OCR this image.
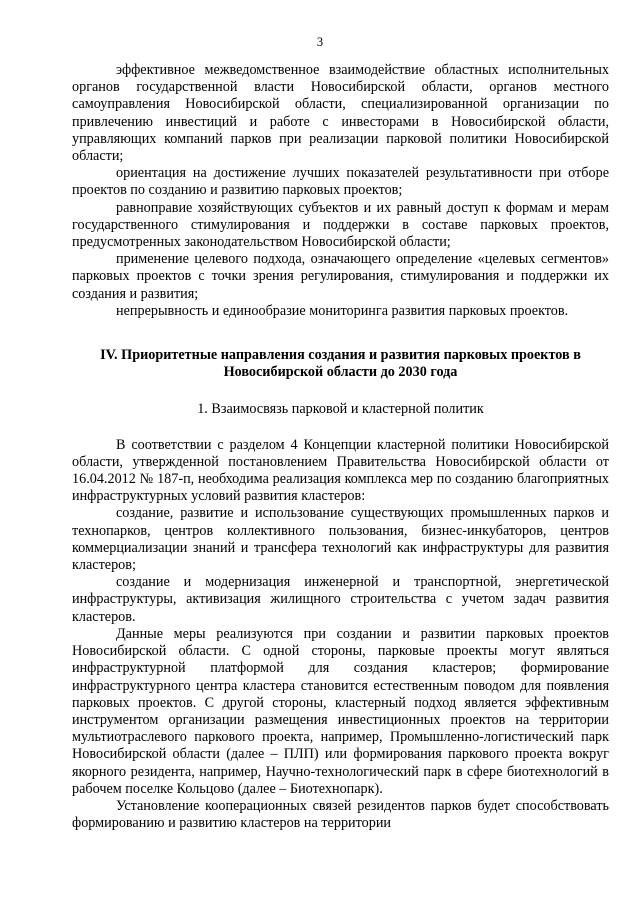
3

эффективное межведомственное взаимодействие областных исполнительных органов государственной власти Новосибирской области, органов местного самоуправления Новосибирской области, специализированной организации по привлечению инвестиций и работе с инвесторами в Новосибирской области, управляющих компаний парков при реализации парковой политики Новосибирской области;

ориентация на достижение лучших показателей результативности при отборе проектов по созданию и развитию парковых проектов;

равноправие хозяйствующих субъектов и их равный доступ к формам и мерам государственного стимулирования и поддержки в составе парковых проектов, предусмотренных законодательством Новосибирской области;

применение целевого подхода, означающего определение «целевых сегментов» парковых проектов с точки зрения регулирования, стимулирования и поддержки их создания и развития;

непрерывность и единообразие мониторинга развития парковых проектов.

IV. Приоритетные направления создания и развития парковых проектов в Новосибирской области до 2030 года

1. Взаимосвязь парковой и кластерной политик

В соответствии с разделом 4 Концепции кластерной политики Новосибирской области, утвержденной постановлением Правительства Новосибирской области от 16.04.2012 № 187-п, необходима реализация комплекса мер по созданию благоприятных инфраструктурных условий развития кластеров:

создание, развитие и использование существующих промышленных парков и технопарков, центров коллективного пользования, бизнес-инкубаторов, центров коммерциализации знаний и трансфера технологий как инфраструктуры для развития кластеров;

создание и модернизация инженерной и транспортной, энергетической инфраструктуры, активизация жилищного строительства с учетом задач развития кластеров.

Данные меры реализуются при создании и развитии парковых проектов Новосибирской области. С одной стороны, парковые проекты могут являться инфраструктурной платформой для создания кластеров; формирование инфраструктурного центра кластера становится естественным поводом для появления парковых проектов. С другой стороны, кластерный подход является эффективным инструментом организации размещения инвестиционных проектов на территории мультиотраслевого паркового проекта, например, Промышленно-логистический парк Новосибирской области (далее – ПЛП) или формирования паркового проекта вокруг якорного резидента, например, Научно-технологический парк в сфере биотехнологий в рабочем поселке Кольцово (далее – Биотехнопарк).

Установление кооперационных связей резидентов парков будет способствовать формированию и развитию кластеров на территории
